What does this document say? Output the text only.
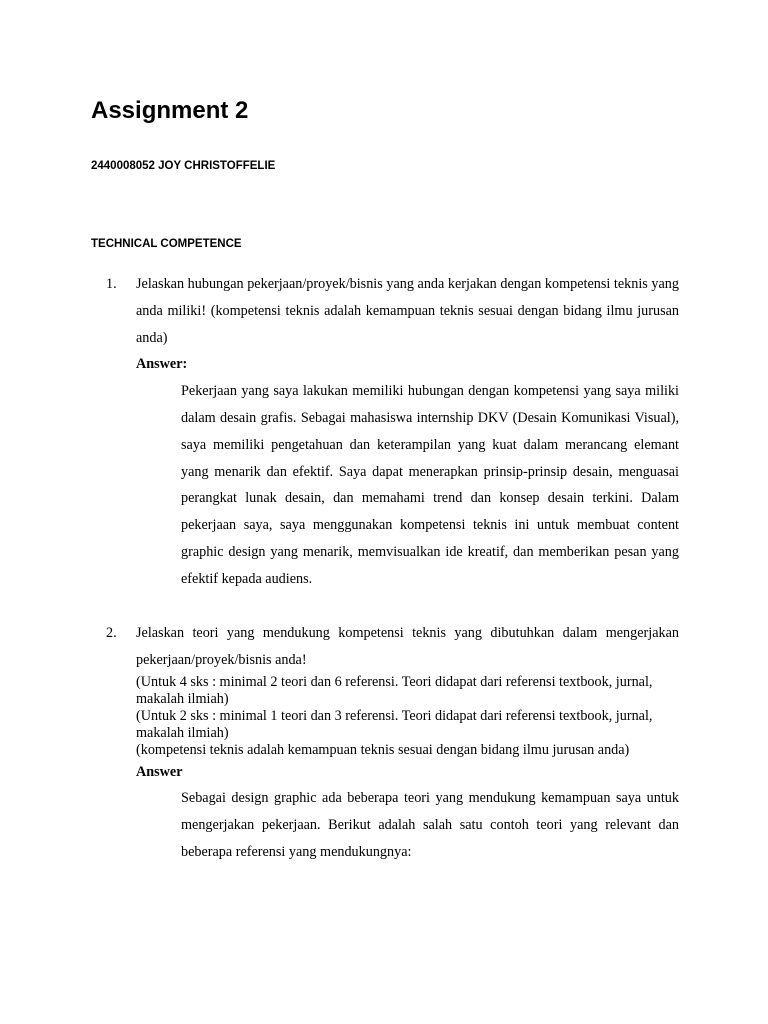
Assignment 2
2440008052 JOY CHRISTOFFELIE
TECHNICAL COMPETENCE
1.	Jelaskan hubungan pekerjaan/proyek/bisnis yang anda kerjakan dengan kompetensi teknis yang anda miliki! (kompetensi teknis adalah kemampuan teknis sesuai dengan bidang ilmu jurusan anda)
Answer:
Pekerjaan yang saya lakukan memiliki hubungan dengan kompetensi yang saya miliki dalam desain grafis. Sebagai mahasiswa internship DKV (Desain Komunikasi Visual), saya memiliki pengetahuan dan keterampilan yang kuat dalam merancang elemant yang menarik dan efektif. Saya dapat menerapkan prinsip-prinsip desain, menguasai perangkat lunak desain, dan memahami trend dan konsep desain terkini. Dalam pekerjaan saya, saya menggunakan kompetensi teknis ini untuk membuat content graphic design yang menarik, memvisualkan ide kreatif, dan memberikan pesan yang efektif kepada audiens.
2.	Jelaskan teori yang mendukung kompetensi teknis yang dibutuhkan dalam mengerjakan pekerjaan/proyek/bisnis anda!
(Untuk 4 sks : minimal 2 teori dan 6 referensi. Teori didapat dari referensi textbook, jurnal, makalah ilmiah)
(Untuk 2 sks : minimal 1 teori dan 3 referensi. Teori didapat dari referensi textbook, jurnal, makalah ilmiah)
(kompetensi teknis adalah kemampuan teknis sesuai dengan bidang ilmu jurusan anda)
Answer
Sebagai design graphic ada beberapa teori yang mendukung kemampuan saya untuk mengerjakan pekerjaan. Berikut adalah salah satu contoh teori yang relevant dan beberapa referensi yang mendukungnya:
